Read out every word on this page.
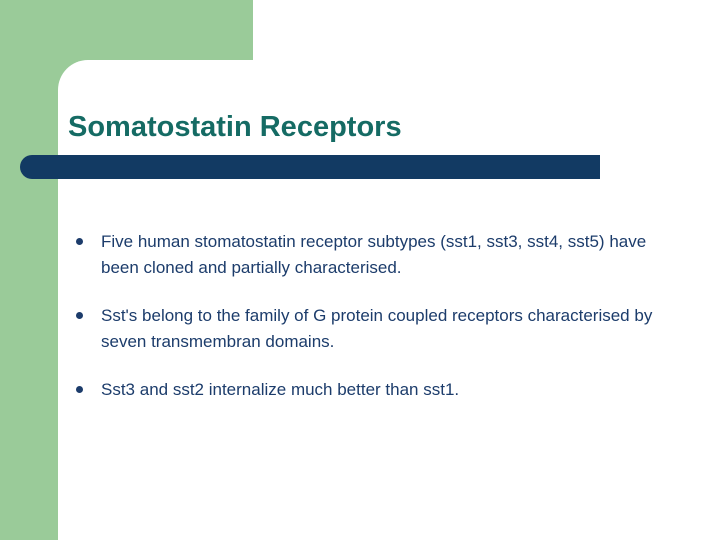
Somatostatin Receptors
Five human stomatostatin receptor subtypes (sst1, sst3, sst4, sst5) have been cloned and partially characterised.
Sst's belong to the family of G protein coupled receptors characterised by seven transmembran domains.
Sst3 and sst2 internalize much better than sst1.
